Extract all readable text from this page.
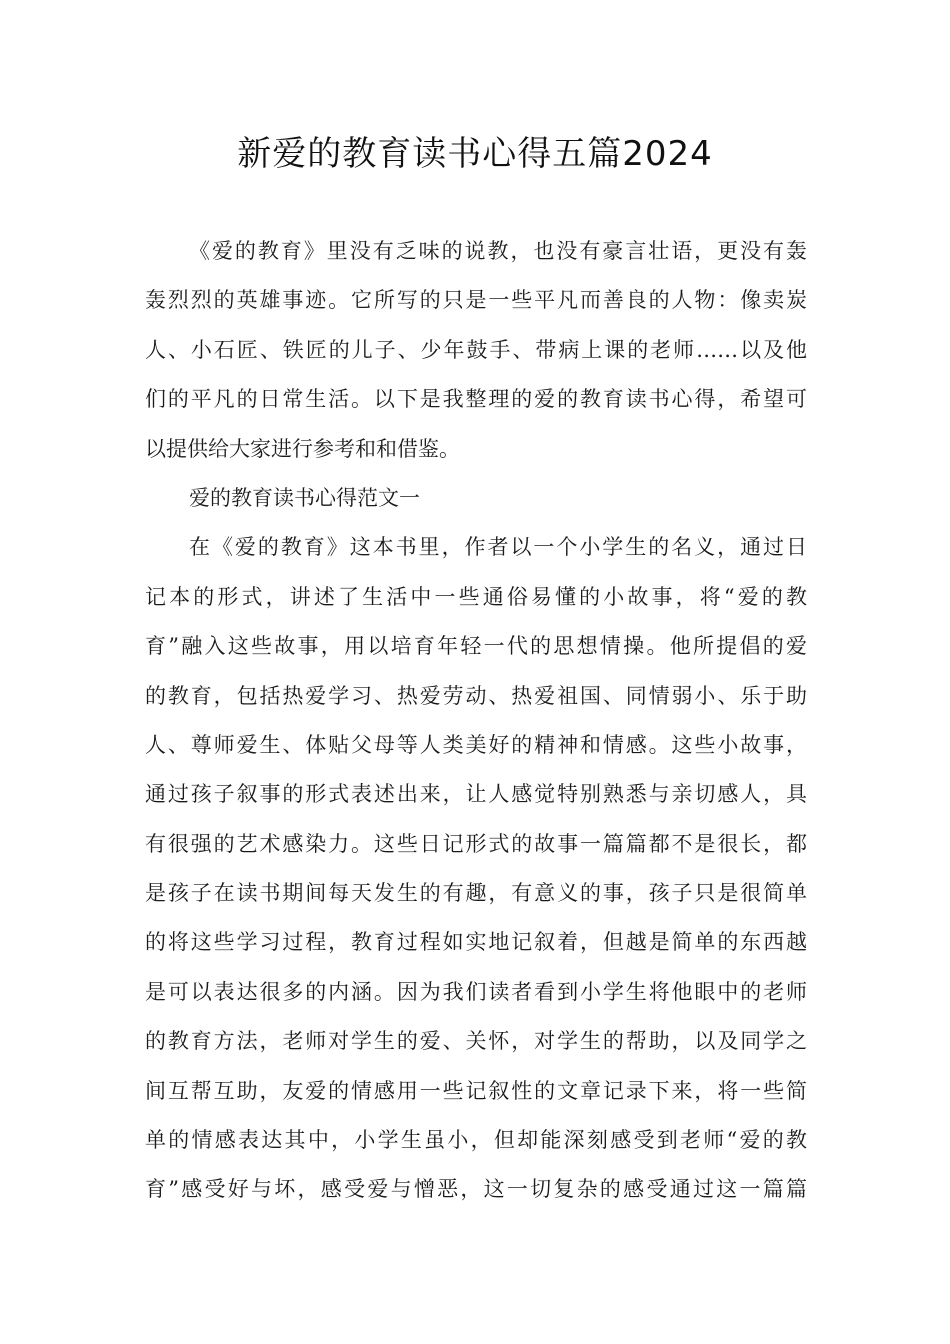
新爱的教育读书心得五篇2024
《爱的教育》里没有乏味的说教，也没有豪言壮语，更没有轰
轰烈烈的英雄事迹。它所写的只是一些平凡而善良的人物：像卖炭
人、小石匠、铁匠的儿子、少年鼓手、带病上课的老师……以及他
们的平凡的日常生活。以下是我整理的爱的教育读书心得，希望可
以提供给大家进行参考和和借鉴。
爱的教育读书心得范文一
在《爱的教育》这本书里，作者以一个小学生的名义，通过日
记本的形式，讲述了生活中一些通俗易懂的小故事，将“爱的教
育”融入这些故事，用以培育年轻一代的思想情操。他所提倡的爱
的教育，包括热爱学习、热爱劳动、热爱祖国、同情弱小、乐于助
人、尊师爱生、体贴父母等人类美好的精神和情感。这些小故事，
通过孩子叙事的形式表述出来，让人感觉特别熟悉与亲切感人，具
有很强的艺术感染力。这些日记形式的故事一篇篇都不是很长，都
是孩子在读书期间每天发生的有趣，有意义的事，孩子只是很简单
的将这些学习过程，教育过程如实地记叙着，但越是简单的东西越
是可以表达很多的内涵。因为我们读者看到小学生将他眼中的老师
的教育方法，老师对学生的爱、关怀，对学生的帮助，以及同学之
间互帮互助，友爱的情感用一些记叙性的文章记录下来，将一些简
单的情感表达其中，小学生虽小，但却能深刻感受到老师“爱的教
育”感受好与坏，感受爱与憎恶，这一切复杂的感受通过这一篇篇
